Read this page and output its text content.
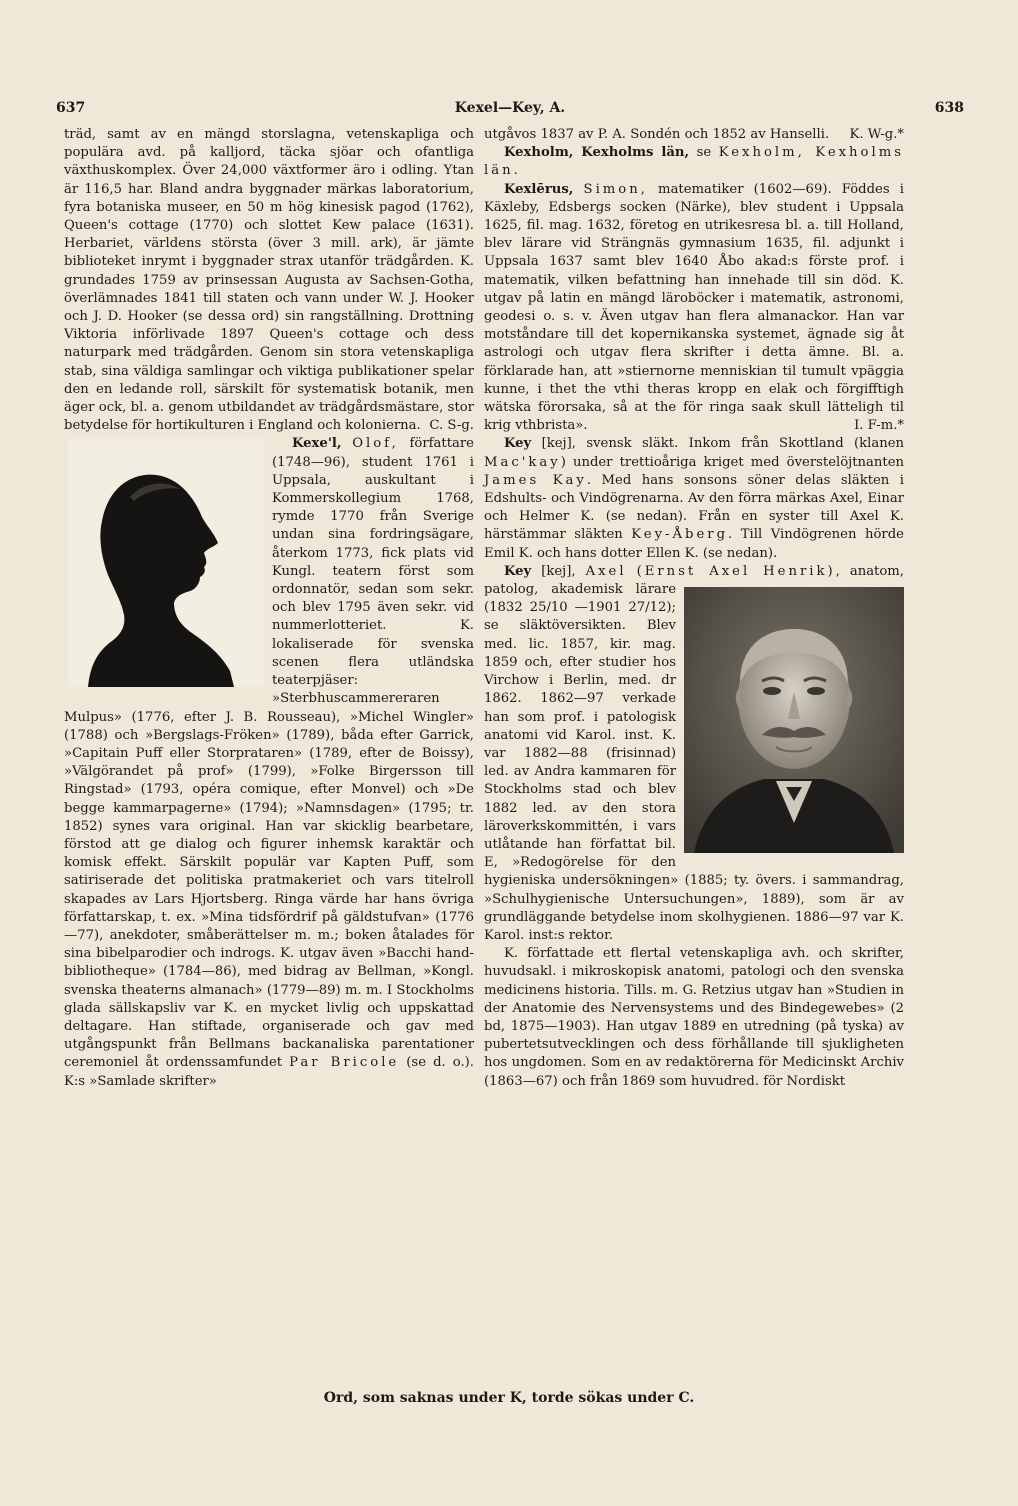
637	Kexel—Key, A.	638

träd, samt av en mängd storslagna, vetenskapliga och populära avd. på kalljord, täcka sjöar och ofantliga växthuskomplex. Över 24,000 växtformer äro i odling. Ytan är 116,5 har. Bland andra byggnader märkas laboratorium, fyra botaniska museer, en 50 m hög kinesisk pagod (1762), Queen's cottage (1770) och slottet Kew palace (1631). Herbariet, världens största (över 3 mill. ark), är jämte biblioteket inrymt i byggnader strax utanför trädgården. K. grundades 1759 av prinsessan Augusta av Sachsen-Gotha, överlämnades 1841 till staten och vann under W. J. Hooker och J. D. Hooker (se dessa ord) sin rangställning. Drottning Viktoria införlivade 1897 Queen's cottage och dess naturpark med trädgården. Genom sin stora vetenskapliga stab, sina väldiga samlingar och viktiga publikationer spelar den en ledande roll, särskilt för systematisk botanik, men äger ock, bl. a. genom utbildandet av trädgårdsmästare, stor betydelse för hortikulturen i England och kolonierna. C. S-g.

Kexe'l, Olof,
författare (1748—96), student 1761 i Uppsala, auskultant i Kommerskollegium 1768, rymde 1770 från Sverige undan sina fordringsägare, återkom 1773, fick plats vid Kungl. teatern först som ordonnatör, sedan som sekr. och blev 1795 även sekr. vid nummerlotteriet. K. lokaliserade för svenska scenen flera utländska teaterpjäser: »Sterbhuscammereraren Mulpus» (1776, efter J. B. Rousseau), »Michel Wingler» (1788) och »Bergslags-Fröken» (1789), båda efter Garrick, »Capitain Puff eller Storprataren» (1789, efter de Boissy), »Välgörandet på prof» (1799), »Folke Birgersson till Ringstad» (1793, opéra comique, efter Monvel) och »De begge kammarpagerne» (1794); »Namnsdagen» (1795; tr. 1852) synes vara original. Han var skicklig bearbetare, förstod att ge dialog och figurer inhemsk karaktär och komisk effekt. Särskilt populär var Kapten Puff, som satiriserade det politiska pratmakeriet och vars titelroll skapades av Lars Hjortsberg. Ringa värde har hans övriga författarskap, t. ex. »Mina tidsfördrif på gäldstufvan» (1776—77), anekdoter, småberättelser m. m.; boken åtalades för sina bibelparodier och indrogs. K. utgav även »Bacchi hand-bibliotheque» (1784—86), med bidrag av Bellman, »Kongl. svenska theaterns almanach» (1779—89) m. m. I Stockholms glada sällskapsliv var K. en mycket livlig och uppskattad deltagare. Han stiftade, organiserade och gav med utgångspunkt från Bellmans backanaliska parentationer ceremoniel åt ordenssamfundet Par Bricole (se d. o.). K:s »Samlade skrifter»

utgåvos 1837 av P. A. Sondén och 1852 av Hanselli. K. W-g.*

Kexholm, Kexholms län, se Kexholm, Kexholms län.

Kexlērus, Simon, matematiker (1602—69). Föddes i Käxleby, Edsbergs socken (Närke), blev student i Uppsala 1625, fil. mag. 1632, företog en utrikesresa bl. a. till Holland, blev lärare vid Strängnäs gymnasium 1635, fil. adjunkt i Uppsala 1637 samt blev 1640 Åbo akad:s förste prof. i matematik, vilken befattning han innehade till sin död. K. utgav på latin en mängd läroböcker i matematik, astronomi, geodesi o. s. v. Även utgav han flera almanackor. Han var motståndare till det kopernikanska systemet, ägnade sig åt astrologi och utgav flera skrifter i detta ämne. Bl. a. förklarade han, att »stiernorne menniskian til tumult vpäggia kunne, i thet the vthi theras kropp en elak och förgifftigh wätska förorsaka, så at the för ringa saak skull lätteligh til krig vthbrista».	I. F-m.*

Key [kej], svensk släkt. Inkom från Skottland (klanen Mac'kay) under trettioåriga kriget med överstelöjtnanten James Kay. Med hans sonsons söner delas släkten i Edshults- och Vindögrenarna. Av den förra märkas Axel, Einar och Helmer K. (se nedan). Från en syster till Axel K. härstämmar släkten Key-Åberg. Till Vindögrenen hörde Emil K. och hans dotter Ellen K. (se nedan).

Key [kej], Axel (Ernst Axel Henrik)
, anatom, patolog, akademisk lärare (1832 25/10 —1901 27/12); se släktöversikten. Blev med. lic. 1857, kir. mag. 1859 och, efter studier hos Virchow i Berlin, med. dr 1862. 1862—97 verkade han som prof. i patologisk anatomi vid Karol. inst. K. var 1882—88 (frisinnad) led. av Andra kammaren för Stockholms stad och blev 1882 led. av den stora läroverkskommittén, i vars utlåtande han författat bil. E, »Redogörelse för den hygieniska undersökningen» (1885; ty. övers. i sammandrag, »Schulhygienische Untersuchungen», 1889), som är av grundläggande betydelse inom skolhygienen. 1886—97 var K. Karol. inst:s rektor.

K. författade ett flertal vetenskapliga avh. och skrifter, huvudsakl. i mikroskopisk anatomi, patologi och den svenska medicinens historia. Tills. m. G. Retzius utgav han »Studien in der Anatomie des Nervensystems und des Bindegewebes» (2 bd, 1875—1903). Han utgav 1889 en utredning (på tyska) av pubertetsutvecklingen och dess förhållande till sjukligheten hos ungdomen. Som en av redaktörerna för Medicinskt Archiv (1863—67) och från 1869 som huvudred. för Nordiskt

Ord, som saknas under K, torde sökas under C.
